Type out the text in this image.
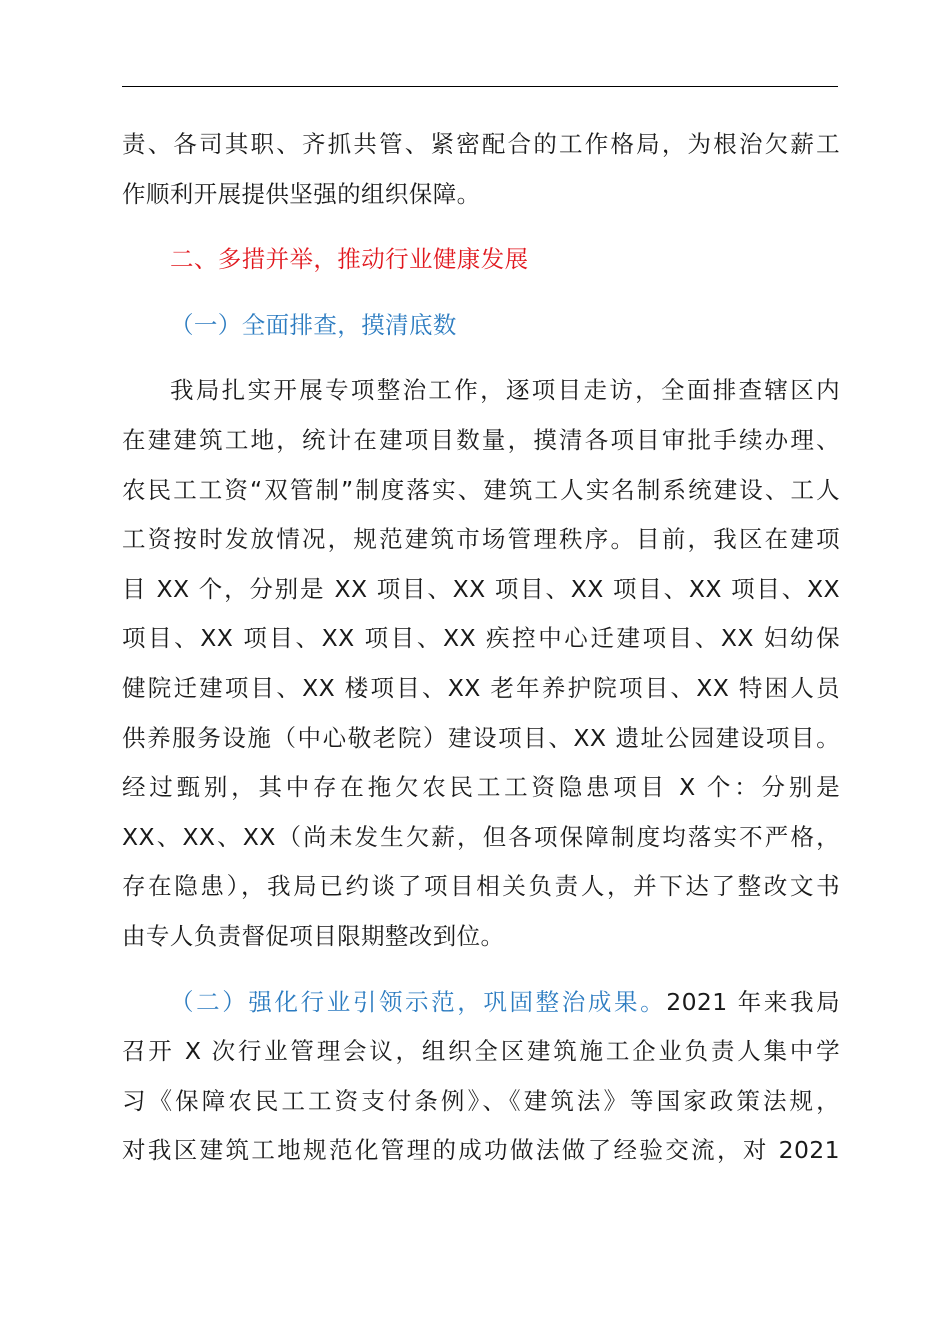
责、各司其职、齐抓共管、紧密配合的工作格局，为根治欠薪工
作顺利开展提供坚强的组织保障。
二、多措并举，推动行业健康发展
（一）全面排查，摸清底数
我局扎实开展专项整治工作，逐项目走访，全面排查辖区内
在建建筑工地，统计在建项目数量，摸清各项目审批手续办理、
农民工工资“双管制”制度落实、建筑工人实名制系统建设、工人
工资按时发放情况，规范建筑市场管理秩序。目前，我区在建项
目 XX 个，分别是 XX 项目、XX 项目、XX 项目、XX 项目、XX
项目、XX 项目、XX 项目、XX 疾控中心迁建项目、XX 妇幼保
健院迁建项目、XX 楼项目、XX 老年养护院项目、XX 特困人员
供养服务设施（中心敬老院）建设项目、XX 遗址公园建设项目。
经过甄别，其中存在拖欠农民工工资隐患项目 X 个：分别是
XX、XX、XX（尚未发生欠薪，但各项保障制度均落实不严格，
存在隐患），我局已约谈了项目相关负责人，并下达了整改文书
由专人负责督促项目限期整改到位。
（二）强化行业引领示范，巩固整治成果。2021 年来我局
召开 X 次行业管理会议，组织全区建筑施工企业负责人集中学
习《保障农民工工资支付条例》、《建筑法》等国家政策法规，
对我区建筑工地规范化管理的成功做法做了经验交流，对 2021
